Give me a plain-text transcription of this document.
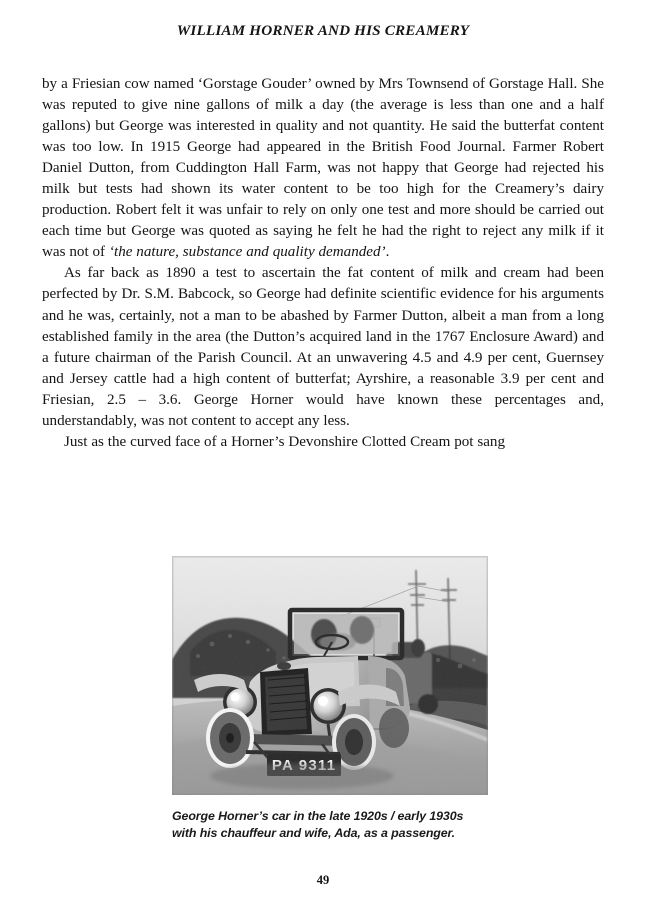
WILLIAM HORNER AND HIS CREAMERY

by a Friesian cow named ‘Gorstage Gouder’ owned by Mrs Townsend of Gorstage Hall. She was reputed to give nine gallons of milk a day (the average is less than one and a half gallons) but George was interested in quality and not quantity. He said the butterfat content was too low. In 1915 George had appeared in the British Food Journal. Farmer Robert Daniel Dutton, from Cuddington Hall Farm, was not happy that George had rejected his milk but tests had shown its water content to be too high for the Creamery’s dairy production. Robert felt it was unfair to rely on only one test and more should be carried out each time but George was quoted as saying he felt he had the right to reject any milk if it was not of ‘the nature, substance and quality demanded’.

As far back as 1890 a test to ascertain the fat content of milk and cream had been perfected by Dr. S.M. Babcock, so George had definite scientific evidence for his arguments and he was, certainly, not a man to be abashed by Farmer Dutton, albeit a man from a long established family in the area (the Dutton’s acquired land in the 1767 Enclosure Award) and a future chairman of the Parish Council. At an unwavering 4.5 and 4.9 per cent, Guernsey and Jersey cattle had a high content of butterfat; Ayrshire, a reasonable 3.9 per cent and Friesian, 2.5 – 3.6. George Horner would have known these percentages and, understandably, was not content to accept any less.

Just as the curved face of a Horner’s Devonshire Clotted Cream pot sang

George Horner’s car in the late 1920s / early 1930s
with his chauffeur and wife, Ada, as a passenger.
49
